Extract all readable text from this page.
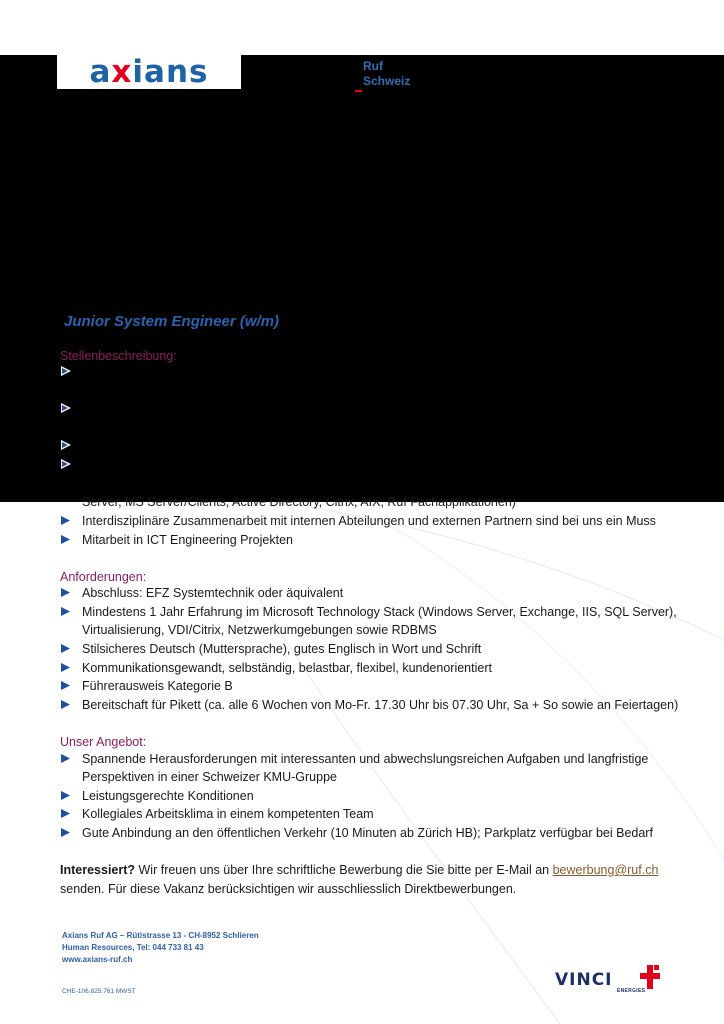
axians	Ruf
Schweiz
Junior System Engineer (w/m)
Stellenbeschreibung:
Server, MS Server/Clients, Active Directory, Citrix, AIX, Ruf Fachapplikationen)
Interdisziplinäre Zusammenarbeit mit internen Abteilungen und externen Partnern sind bei uns ein Muss
Mitarbeit in ICT Engineering Projekten
Anforderungen:
Abschluss: EFZ Systemtechnik oder äquivalent
Mindestens 1 Jahr Erfahrung im Microsoft Technology Stack (Windows Server, Exchange, IIS, SQL Server),
Virtualisierung, VDI/Citrix, Netzwerkumgebungen sowie RDBMS
Stilsicheres Deutsch (Muttersprache), gutes Englisch in Wort und Schrift
Kommunikationsgewandt, selbständig, belastbar, flexibel, kundenorientiert
Führerausweis Kategorie B
Bereitschaft für Pikett (ca. alle 6 Wochen von Mo-Fr. 17.30 Uhr bis 07.30 Uhr, Sa + So sowie an Feiertagen)
Unser Angebot:
Spannende Herausforderungen mit interessanten und abwechslungsreichen Aufgaben und langfristige
Perspektiven in einer Schweizer KMU-Gruppe
Leistungsgerechte Konditionen
Kollegiales Arbeitsklima in einem kompetenten Team
Gute Anbindung an den öffentlichen Verkehr (10 Minuten ab Zürich HB); Parkplatz verfügbar bei Bedarf
Interessiert? Wir freuen uns über Ihre schriftliche Bewerbung die Sie bitte per E-Mail an bewerbung@ruf.ch
senden. Für diese Vakanz berücksichtigen wir ausschliesslich Direktbewerbungen.
Axians Ruf AG – Rütistrasse 13 - CH-8952 Schlieren
Human Resources, Tel: 044 733 81 43
www.axians-ruf.ch
CHE-106.825.761 MWST
VINCI
ENERGIES
